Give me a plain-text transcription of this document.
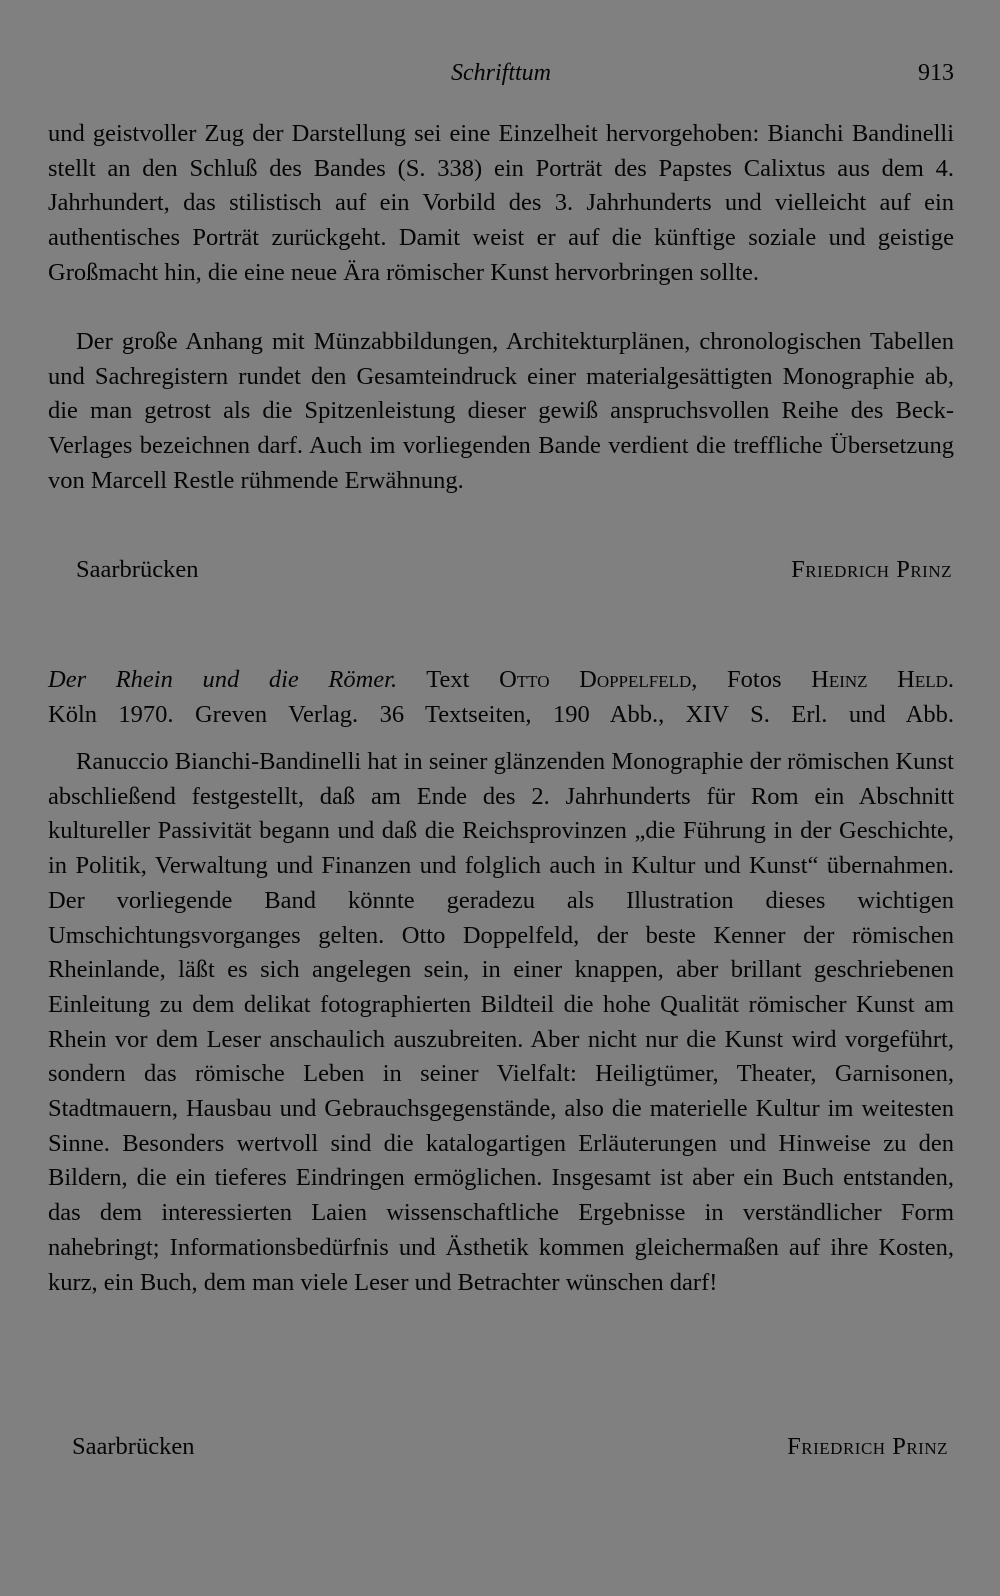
Schrifttum	913

und geistvoller Zug der Darstellung sei eine Einzelheit hervorgehoben: Bianchi Bandinelli stellt an den Schluß des Bandes (S. 338) ein Porträt des Papstes Calixtus aus dem 4. Jahrhundert, das stilistisch auf ein Vorbild des 3. Jahrhunderts und vielleicht auf ein authentisches Porträt zurückgeht. Damit weist er auf die künftige soziale und geistige Großmacht hin, die eine neue Ära römischer Kunst hervorbringen sollte.

Der große Anhang mit Münzabbildungen, Architekturplänen, chronologischen Tabellen und Sachregistern rundet den Gesamteindruck einer materialgesättigten Monographie ab, die man getrost als die Spitzenleistung dieser gewiß anspruchsvollen Reihe des Beck-Verlages bezeichnen darf. Auch im vorliegenden Bande verdient die treffliche Übersetzung von Marcell Restle rühmende Erwähnung.

Saarbrücken	Friedrich Prinz

Der Rhein und die Römer. Text Otto Doppelfeld, Fotos Heinz Held.
Köln 1970. Greven Verlag. 36 Textseiten, 190 Abb., XIV S. Erl. und Abb.

Ranuccio Bianchi-Bandinelli hat in seiner glänzenden Monographie der römischen Kunst abschließend festgestellt, daß am Ende des 2. Jahrhunderts für Rom ein Abschnitt kultureller Passivität begann und daß die Reichsprovinzen „die Führung in der Geschichte, in Politik, Verwaltung und Finanzen und folglich auch in Kultur und Kunst“ übernahmen. Der vorliegende Band könnte geradezu als Illustration dieses wichtigen Umschichtungsvorganges gelten. Otto Doppelfeld, der beste Kenner der römischen Rheinlande, läßt es sich angelegen sein, in einer knappen, aber brillant geschriebenen Einleitung zu dem delikat fotographierten Bildteil die hohe Qualität römischer Kunst am Rhein vor dem Leser anschaulich auszubreiten. Aber nicht nur die Kunst wird vorgeführt, sondern das römische Leben in seiner Vielfalt: Heiligtümer, Theater, Garnisonen, Stadtmauern, Hausbau und Gebrauchsgegenstände, also die materielle Kultur im weitesten Sinne. Besonders wertvoll sind die katalogartigen Erläuterungen und Hinweise zu den Bildern, die ein tieferes Eindringen ermöglichen. Insgesamt ist aber ein Buch entstanden, das dem interessierten Laien wissenschaftliche Ergebnisse in verständlicher Form nahebringt; Informationsbedürfnis und Ästhetik kommen gleichermaßen auf ihre Kosten, kurz, ein Buch, dem man viele Leser und Betrachter wünschen darf!

Saarbrücken	Friedrich Prinz
